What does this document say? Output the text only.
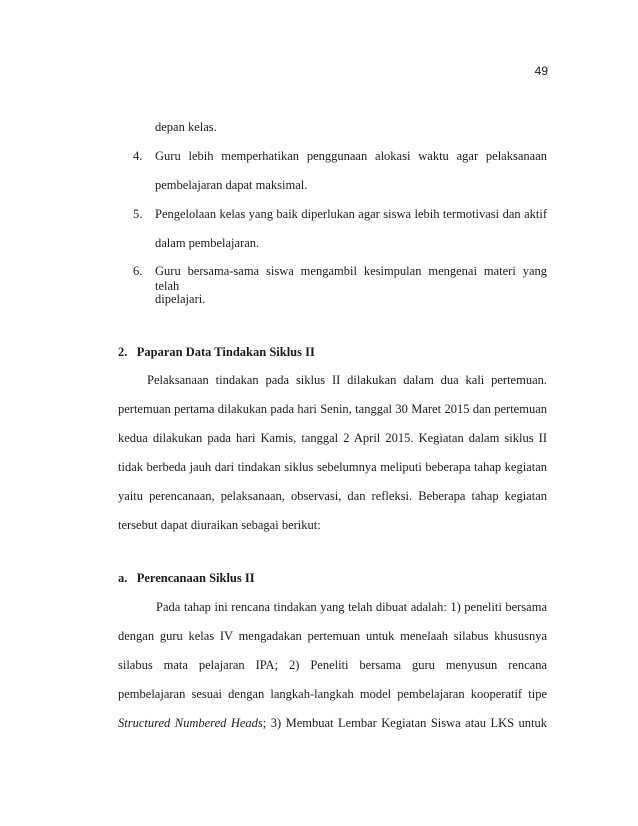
49
depan kelas.
4. Guru lebih memperhatikan penggunaan alokasi waktu agar pelaksanaan
pembelajaran dapat maksimal.
5. Pengelolaan kelas yang baik diperlukan agar siswa lebih termotivasi dan aktif
dalam pembelajaran.
6. Guru bersama-sama siswa mengambil kesimpulan mengenai materi yang telah
dipelajari.
2.   Paparan Data Tindakan Siklus II
Pelaksanaan tindakan pada siklus II dilakukan dalam dua kali pertemuan.
pertemuan pertama dilakukan pada hari Senin, tanggal 30 Maret 2015 dan pertemuan
kedua dilakukan pada hari Kamis, tanggal 2 April 2015. Kegiatan dalam siklus II
tidak berbeda jauh dari tindakan siklus sebelumnya meliputi beberapa tahap kegiatan
yaitu perencanaan, pelaksanaan, observasi, dan refleksi. Beberapa tahap kegiatan
tersebut dapat diuraikan sebagai berikut:
a.   Perencanaan Siklus II
Pada tahap ini rencana tindakan yang telah dibuat adalah: 1) peneliti bersama
dengan guru kelas IV mengadakan pertemuan untuk menelaah silabus khususnya
silabus mata pelajaran IPA; 2) Peneliti bersama guru menyusun rencana
pembelajaran sesuai dengan langkah-langkah model pembelajaran kooperatif tipe
Structured Numbered Heads; 3) Membuat Lembar Kegiatan Siswa atau LKS untuk
